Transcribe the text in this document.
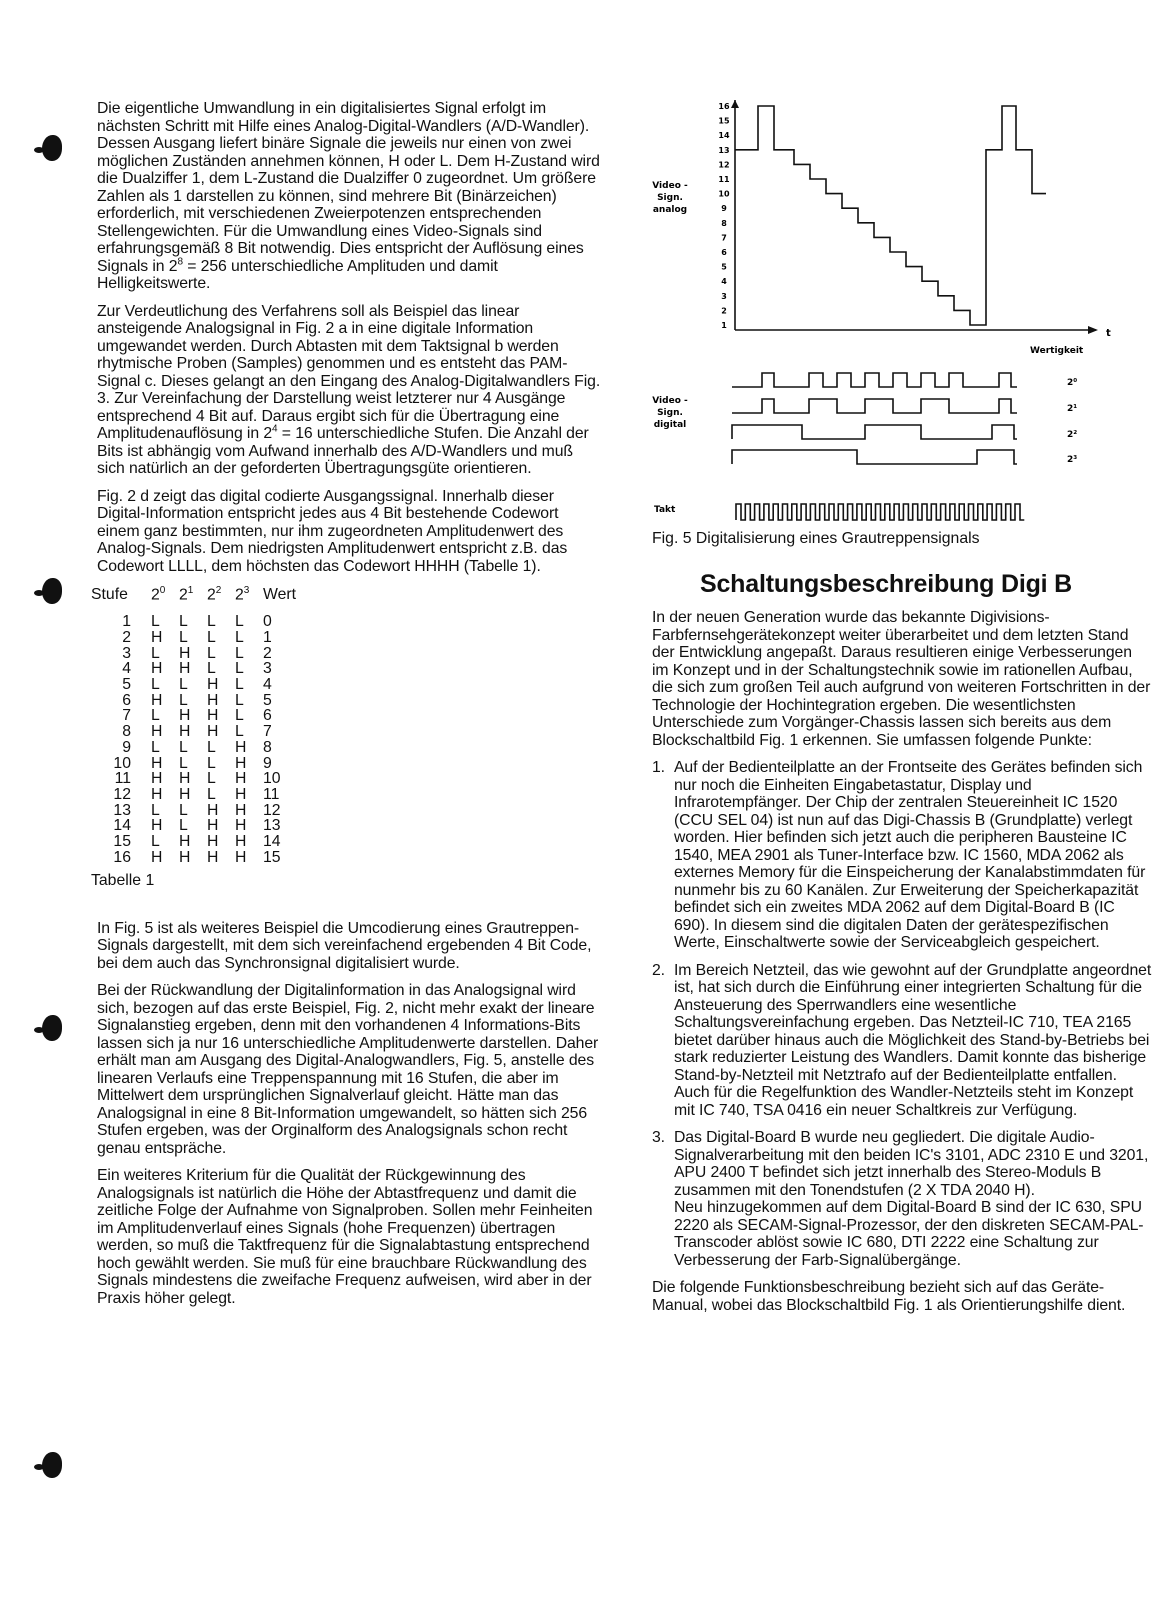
Die eigentliche Umwandlung in ein digitalisiertes Signal erfolgt im nächsten Schritt mit Hilfe eines Analog-Digital-Wandlers (A/D-Wandler). Dessen Ausgang liefert binäre Signale die jeweils nur einen von zwei möglichen Zuständen annehmen können, H oder L. Dem H-Zustand wird die Dualziffer 1, dem L-Zustand die Dualziffer 0 zugeordnet. Um größere Zahlen als 1 darstellen zu können, sind mehrere Bit (Binärzeichen) erforderlich, mit verschiedenen Zweierpotenzen entsprechenden Stellengewichten. Für die Umwandlung eines Video-Signals sind erfahrungsgemäß 8 Bit notwendig. Dies entspricht der Auflösung eines Signals in $2^8 = 256$ unterschiedliche Amplituden und damit Helligkeitswerte.

Zur Verdeutlichung des Verfahrens soll als Beispiel das linear ansteigende Analogsignal in Fig. 2 a in eine digitale Information umgewandet werden. Durch Abtasten mit dem Taktsignal b werden rhytmische Proben (Samples) genommen und es entsteht das PAM-Signal c. Dieses gelangt an den Eingang des Analog-Digitalwandlers Fig. 3. Zur Vereinfachung der Darstellung weist letzterer nur 4 Ausgänge entsprechend 4 Bit auf. Daraus ergibt sich für die Übertragung eine Amplitudenauflösung in $2^4 = 16$ unterschiedliche Stufen. Die Anzahl der Bits ist abhängig vom Aufwand innerhalb des A/D-Wandlers und muß sich natürlich an der geforderten Übertragungsgüte orientieren.

Fig. 2 d zeigt das digital codierte Ausgangssignal. Innerhalb dieser Digital-Information entspricht jedes aus 4 Bit bestehende Codewort einem ganz bestimmten, nur ihm zugeordneten Amplitudenwert des Analog-Signals. Dem niedrigsten Amplitudenwert entspricht z.B. das Codewort LLLL, dem höchsten das Codewort HHHH (Tabelle 1).

Stufe	$2^0$	$2^1$	$2^2$	$2^3$	Wert
1	L	L	L	L	0
2	H	L	L	L	1
3	L	H	L	L	2
4	H	H	L	L	3
5	L	L	H	L	4
6	H	L	H	L	5
7	L	H	H	L	6
8	H	H	H	L	7
9	L	L	L	H	8
10	H	L	L	H	9
11	H	H	L	H	10
12	H	H	L	H	11
13	L	L	H	H	12
14	H	L	H	H	13
15	L	H	H	H	14
16	H	H	H	H	15
Tabelle 1

In Fig. 5 ist als weiteres Beispiel die Umcodierung eines Grautreppen-Signals dargestellt, mit dem sich vereinfachend ergebenden 4 Bit Code, bei dem auch das Synchronsignal digitalisiert wurde.

Bei der Rückwandlung der Digitalinformation in das Analogsignal wird sich, bezogen auf das erste Beispiel, Fig. 2, nicht mehr exakt der lineare Signalanstieg ergeben, denn mit den vorhandenen 4 Informations-Bits lassen sich ja nur 16 unterschiedliche Amplitudenwerte darstellen. Daher erhält man am Ausgang des Digital-Analogwandlers, Fig. 5, anstelle des linearen Verlaufs eine Treppenspannung mit 16 Stufen, die aber im Mittelwert dem ursprünglichen Signalverlauf gleicht. Hätte man das Analogsignal in eine 8 Bit-Information umgewandelt, so hätten sich 256 Stufen ergeben, was der Orginalform des Analogsignals schon recht genau entspräche.

Ein weiteres Kriterium für die Qualität der Rückgewinnung des Analogsignals ist natürlich die Höhe der Abtastfrequenz und damit die zeitliche Folge der Aufnahme von Signalproben. Sollen mehr Feinheiten im Amplitudenverlauf eines Signals (hohe Frequenzen) übertragen werden, so muß die Taktfrequenz für die Signalabtastung entsprechend hoch gewählt werden. Sie muß für eine brauchbare Rückwandlung des Signals mindestens die zweifache Frequenz aufweisen, wird aber in der Praxis höher gelegt.

Video -
Sign.
analog
16
15
14
13
12
11
10
9
8
7
6
5
4
3
2
1
t
Wertigkeit
Video -
Sign.
digital
2⁰
2¹
2²
2³
Takt
Fig. 5 Digitalisierung eines Grautreppensignals
Schaltungsbeschreibung Digi B

In der neuen Generation wurde das bekannte Digivisions-Farbfernsehgerätekonzept weiter überarbeitet und dem letzten Stand der Entwicklung angepaßt. Daraus resultieren einige Verbesserungen im Konzept und in der Schaltungstechnik sowie im rationellen Aufbau, die sich zum großen Teil auch aufgrund von weiteren Fortschritten in der Technologie der Hochintegration ergeben. Die wesentlichsten Unterschiede zum Vorgänger-Chassis lassen sich bereits aus dem Blockschaltbild Fig. 1 erkennen. Sie umfassen folgende Punkte:

1. Auf der Bedienteilplatte an der Frontseite des Gerätes befinden sich nur noch die Einheiten Eingabetastatur, Display und Infrarotempfänger. Der Chip der zentralen Steuereinheit IC 1520 (CCU SEL 04) ist nun auf das Digi-Chassis B (Grundplatte) verlegt worden. Hier befinden sich jetzt auch die peripheren Bausteine IC 1540, MEA 2901 als Tuner-Interface bzw. IC 1560, MDA 2062 als externes Memory für die Einspeicherung der Kanalabstimmdaten für nunmehr bis zu 60 Kanälen. Zur Erweiterung der Speicherkapazität befindet sich ein zweites MDA 2062 auf dem Digital-Board B (IC 690). In diesem sind die digitalen Daten der gerätespezifischen Werte, Einschaltwerte sowie der Serviceabgleich gespeichert.

2. Im Bereich Netzteil, das wie gewohnt auf der Grundplatte angeordnet ist, hat sich durch die Einführung einer integrierten Schaltung für die Ansteuerung des Sperrwandlers eine wesentliche Schaltungsvereinfachung ergeben. Das Netzteil-IC 710, TEA 2165 bietet darüber hinaus auch die Möglichkeit des Stand-by-Betriebs bei stark reduzierter Leistung des Wandlers. Damit konnte das bisherige Stand-by-Netzteil mit Netztrafo auf der Bedienteilplatte entfallen.

Auch für die Regelfunktion des Wandler-Netzteils steht im Konzept mit IC 740, TSA 0416 ein neuer Schaltkreis zur Verfügung.

3. Das Digital-Board B wurde neu gegliedert. Die digitale Audio-Signalverarbeitung mit den beiden IC's 3101, ADC 2310 E und 3201, APU 2400 T befindet sich jetzt innerhalb des Stereo-Moduls B zusammen mit den Tonendstufen (2 X TDA 2040 H).

Neu hinzugekommen auf dem Digital-Board B sind der IC 630, SPU 2220 als SECAM-Signal-Prozessor, der den diskreten SECAM-PAL-Transcoder ablöst sowie IC 680, DTI 2222 eine Schaltung zur Verbesserung der Farb-Signalübergänge.

Die folgende Funktionsbeschreibung bezieht sich auf das Geräte-Manual, wobei das Blockschaltbild Fig. 1 als Orientierungshilfe dient.
